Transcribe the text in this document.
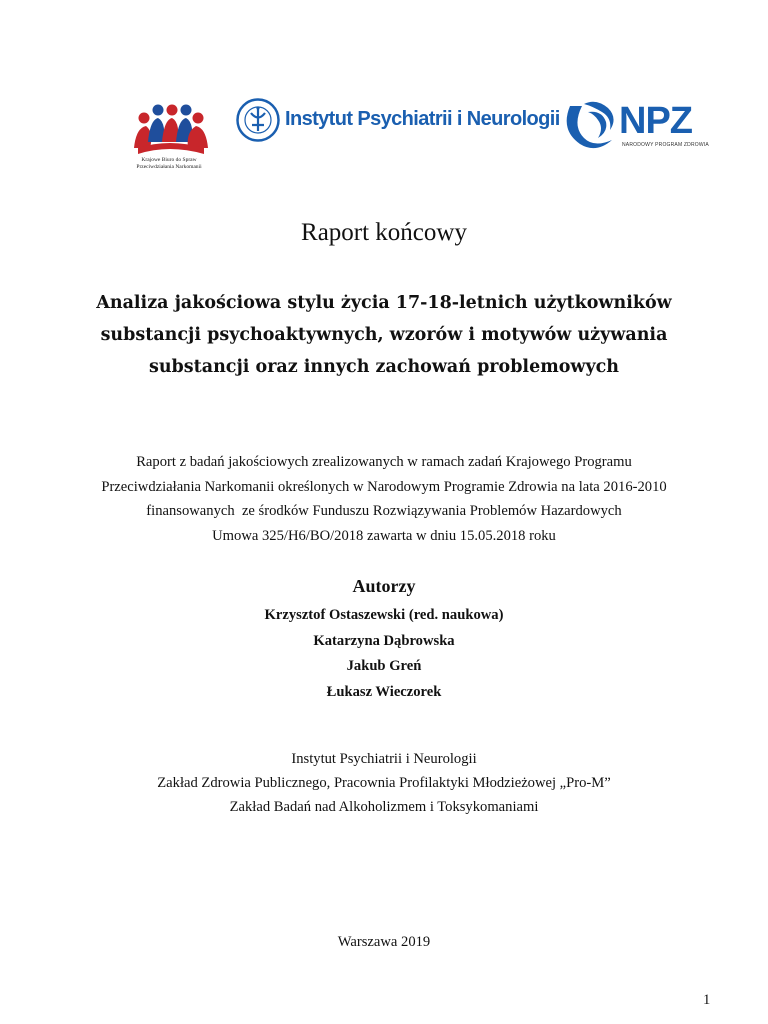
Krajowe Biuro do Spraw
Przeciwdziałania Narkomanii
Instytut Psychiatrii i Neurologii NPZ
NARODOWY PROGRAM ZDROWIA
Raport końcowy
Analiza jakościowa stylu życia 17-18-letnich użytkowników
substancji psychoaktywnych, wzorów i motywów używania
substancji oraz innych zachowań problemowych
Raport z badań jakościowych zrealizowanych w ramach zadań Krajowego Programu
Przeciwdziałania Narkomanii określonych w Narodowym Programie Zdrowia na lata 2016-2010
finansowanych  ze środków Funduszu Rozwiązywania Problemów Hazardowych
Umowa 325/H6/BO/2018 zawarta w dniu 15.05.2018 roku
Autorzy
Krzysztof Ostaszewski (red. naukowa)
Katarzyna Dąbrowska
Jakub Greń
Łukasz Wieczorek
Instytut Psychiatrii i Neurologii
Zakład Zdrowia Publicznego, Pracownia Profilaktyki Młodzieżowej „Pro-M”
Zakład Badań nad Alkoholizmem i Toksykomaniami
Warszawa 2019
1
